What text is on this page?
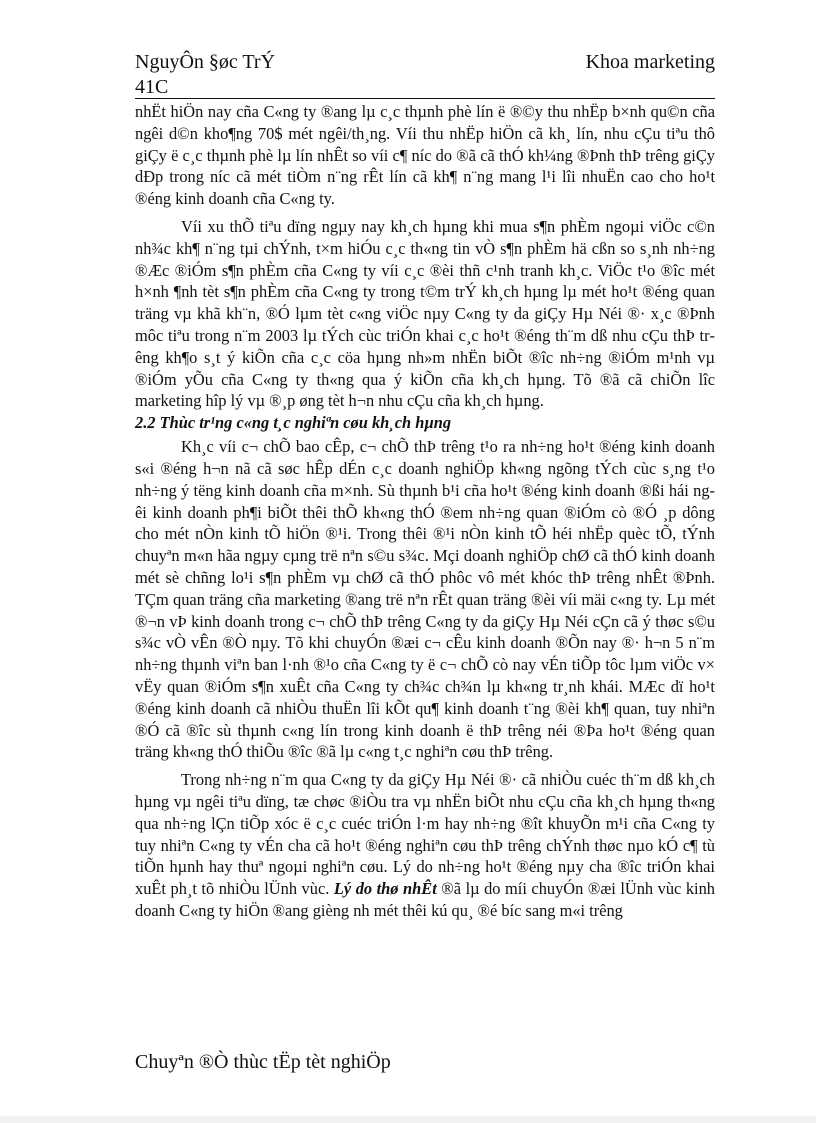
NguyÔn §øc TrÝ
41C
Khoa marketing

nhËt hiÖn nay cña C«ng ty ®ang lµ c¸c thµnh phè lín ë ®©y thu nhËp b×nh qu©n cña ngêi d©n kho¶ng 70$ mét ngêi/th¸ng. Víi thu nhËp hiÖn cã kh¸ lín, nhu cÇu tiªu thô giÇy ë c¸c thµnh phè lµ lín nhÊt so víi c¶ níc do ®ã cã thÓ kh¼ng ®Þnh thÞ trêng giÇy dÐp trong níc cã mét tiÒm n¨ng rÊt lín cã kh¶ n¨ng mang l¹i lîi nhuËn cao cho ho¹t ®éng kinh doanh cña C«ng ty.

Víi xu thÕ tiªu dïng ngµy nay kh¸ch hµng khi mua s¶n phÈm ngoµi viÖc c©n nh¾c kh¶ n¨ng tµi chÝnh, t×m hiÓu c¸c th«ng tin vÒ s¶n phÈm hä cßn so s¸nh nh÷ng ®Æc ®iÓm s¶n phÈm cña C«ng ty víi c¸c ®èi thñ c¹nh tranh kh¸c. ViÖc t¹o ®îc mét h×nh ¶nh tèt s¶n phÈm cña C«ng ty trong t©m trÝ kh¸ch hµng lµ mét ho¹t ®éng quan träng vµ khã kh¨n, ®Ó lµm tèt c«ng viÖc nµy C«ng ty da giÇy Hµ Néi ®· x¸c ®Þnh môc tiªu trong n¨m 2003 lµ tÝch cùc triÓn khai c¸c ho¹t ®éng th¨m dß nhu cÇu thÞ trêng kh¶o s¸t ý kiÕn cña c¸c cöa hµng nh»m nhËn biÕt ®îc nh÷ng ®iÓm m¹nh vµ ®iÓm yÕu cña C«ng ty th«ng qua ý kiÕn cña kh¸ch hµng. Tõ ®ã cã chiÕn lîc marketing hîp lý vµ ®¸p øng tèt h¬n nhu cÇu cña kh¸ch hµng.

2.2 Thùc tr¹ng c«ng t¸c nghiªn cøu kh¸ch hµng

Kh¸c víi c¬ chÕ bao cÊp, c¬ chÕ thÞ trêng t¹o ra nh÷ng ho¹t ®éng kinh doanh s«i ®éng h¬n nã cã søc hÊp dÉn c¸c doanh nghiÖp kh«ng ngõng tÝch cùc s¸ng t¹o nh÷ng ý tëng kinh doanh cña m×nh. Sù thµnh b¹i cña ho¹t ®éng kinh doanh ®ßi hái ngêi kinh doanh ph¶i biÕt thêi thÕ kh«ng thÓ ®em nh÷ng quan ®iÓm cò ®Ó ¸p dông cho mét nÒn kinh tÕ hiÖn ®¹i. Trong thêi ®¹i nÒn kinh tÕ héi nhËp quèc tÕ, tÝnh chuyªn m«n hãa ngµy cµng trë nªn s©u s¾c. Mçi doanh nghiÖp chØ cã thÓ kinh doanh mét sè chñng lo¹i s¶n phÈm vµ chØ cã thÓ phôc vô mét khóc thÞ trêng nhÊt ®Þnh. TÇm quan träng cña marketing ®ang trë nªn rÊt quan träng ®èi víi mäi c«ng ty. Lµ mét ®¬n vÞ kinh doanh trong c¬ chÕ thÞ trêng C«ng ty da giÇy Hµ Néi cÇn cã ý thøc s©u s¾c vÒ vÊn ®Ò nµy. Tõ khi chuyÓn ®æi c¬ cÊu kinh doanh ®Õn nay ®· h¬n 5 n¨m nh÷ng thµnh viªn ban l·nh ®¹o cña C«ng ty ë c¬ chÕ cò nay vÉn tiÕp tôc lµm viÖc v× vËy quan ®iÓm s¶n xuÊt cña C«ng ty ch¾c ch¾n lµ kh«ng tr¸nh khái. MÆc dï ho¹t ®éng kinh doanh cã nhiÒu thuËn lîi kÕt qu¶ kinh doanh t¨ng ®èi kh¶ quan, tuy nhiªn ®Ó cã ®îc sù thµnh c«ng lín trong kinh doanh ë thÞ trêng néi ®Þa ho¹t ®éng quan träng kh«ng thÓ thiÕu ®îc ®ã lµ c«ng t¸c nghiªn cøu thÞ trêng.

Trong nh÷ng n¨m qua C«ng ty da giÇy Hµ Néi ®· cã nhiÒu cuéc th¨m dß kh¸ch hµng vµ ngêi tiªu dïng, tæ chøc ®iÒu tra vµ nhËn biÕt nhu cÇu cña kh¸ch hµng th«ng qua nh÷ng lÇn tiÕp xóc ë c¸c cuéc triÓn l·m hay nh÷ng ®ît khuyÕn m¹i cña C«ng ty tuy nhiªn C«ng ty vÉn cha cã ho¹t ®éng nghiªn cøu thÞ trêng chÝnh thøc nµo kÓ c¶ tù tiÕn hµnh hay thuª ngoµi nghiªn cøu. Lý do nh÷ng ho¹t ®éng nµy cha ®îc triÓn khai xuÊt ph¸t tõ nhiÒu lÜnh vùc. Lý do thø nhÊt ®ã lµ do míi chuyÓn ®æi lÜnh vùc kinh doanh C«ng ty hiÖn ®ang gièng nh mét thêi kú qu¸ ®é bíc sang m«i trêng

Chuyªn ®Ò thùc tËp tèt nghiÖp
